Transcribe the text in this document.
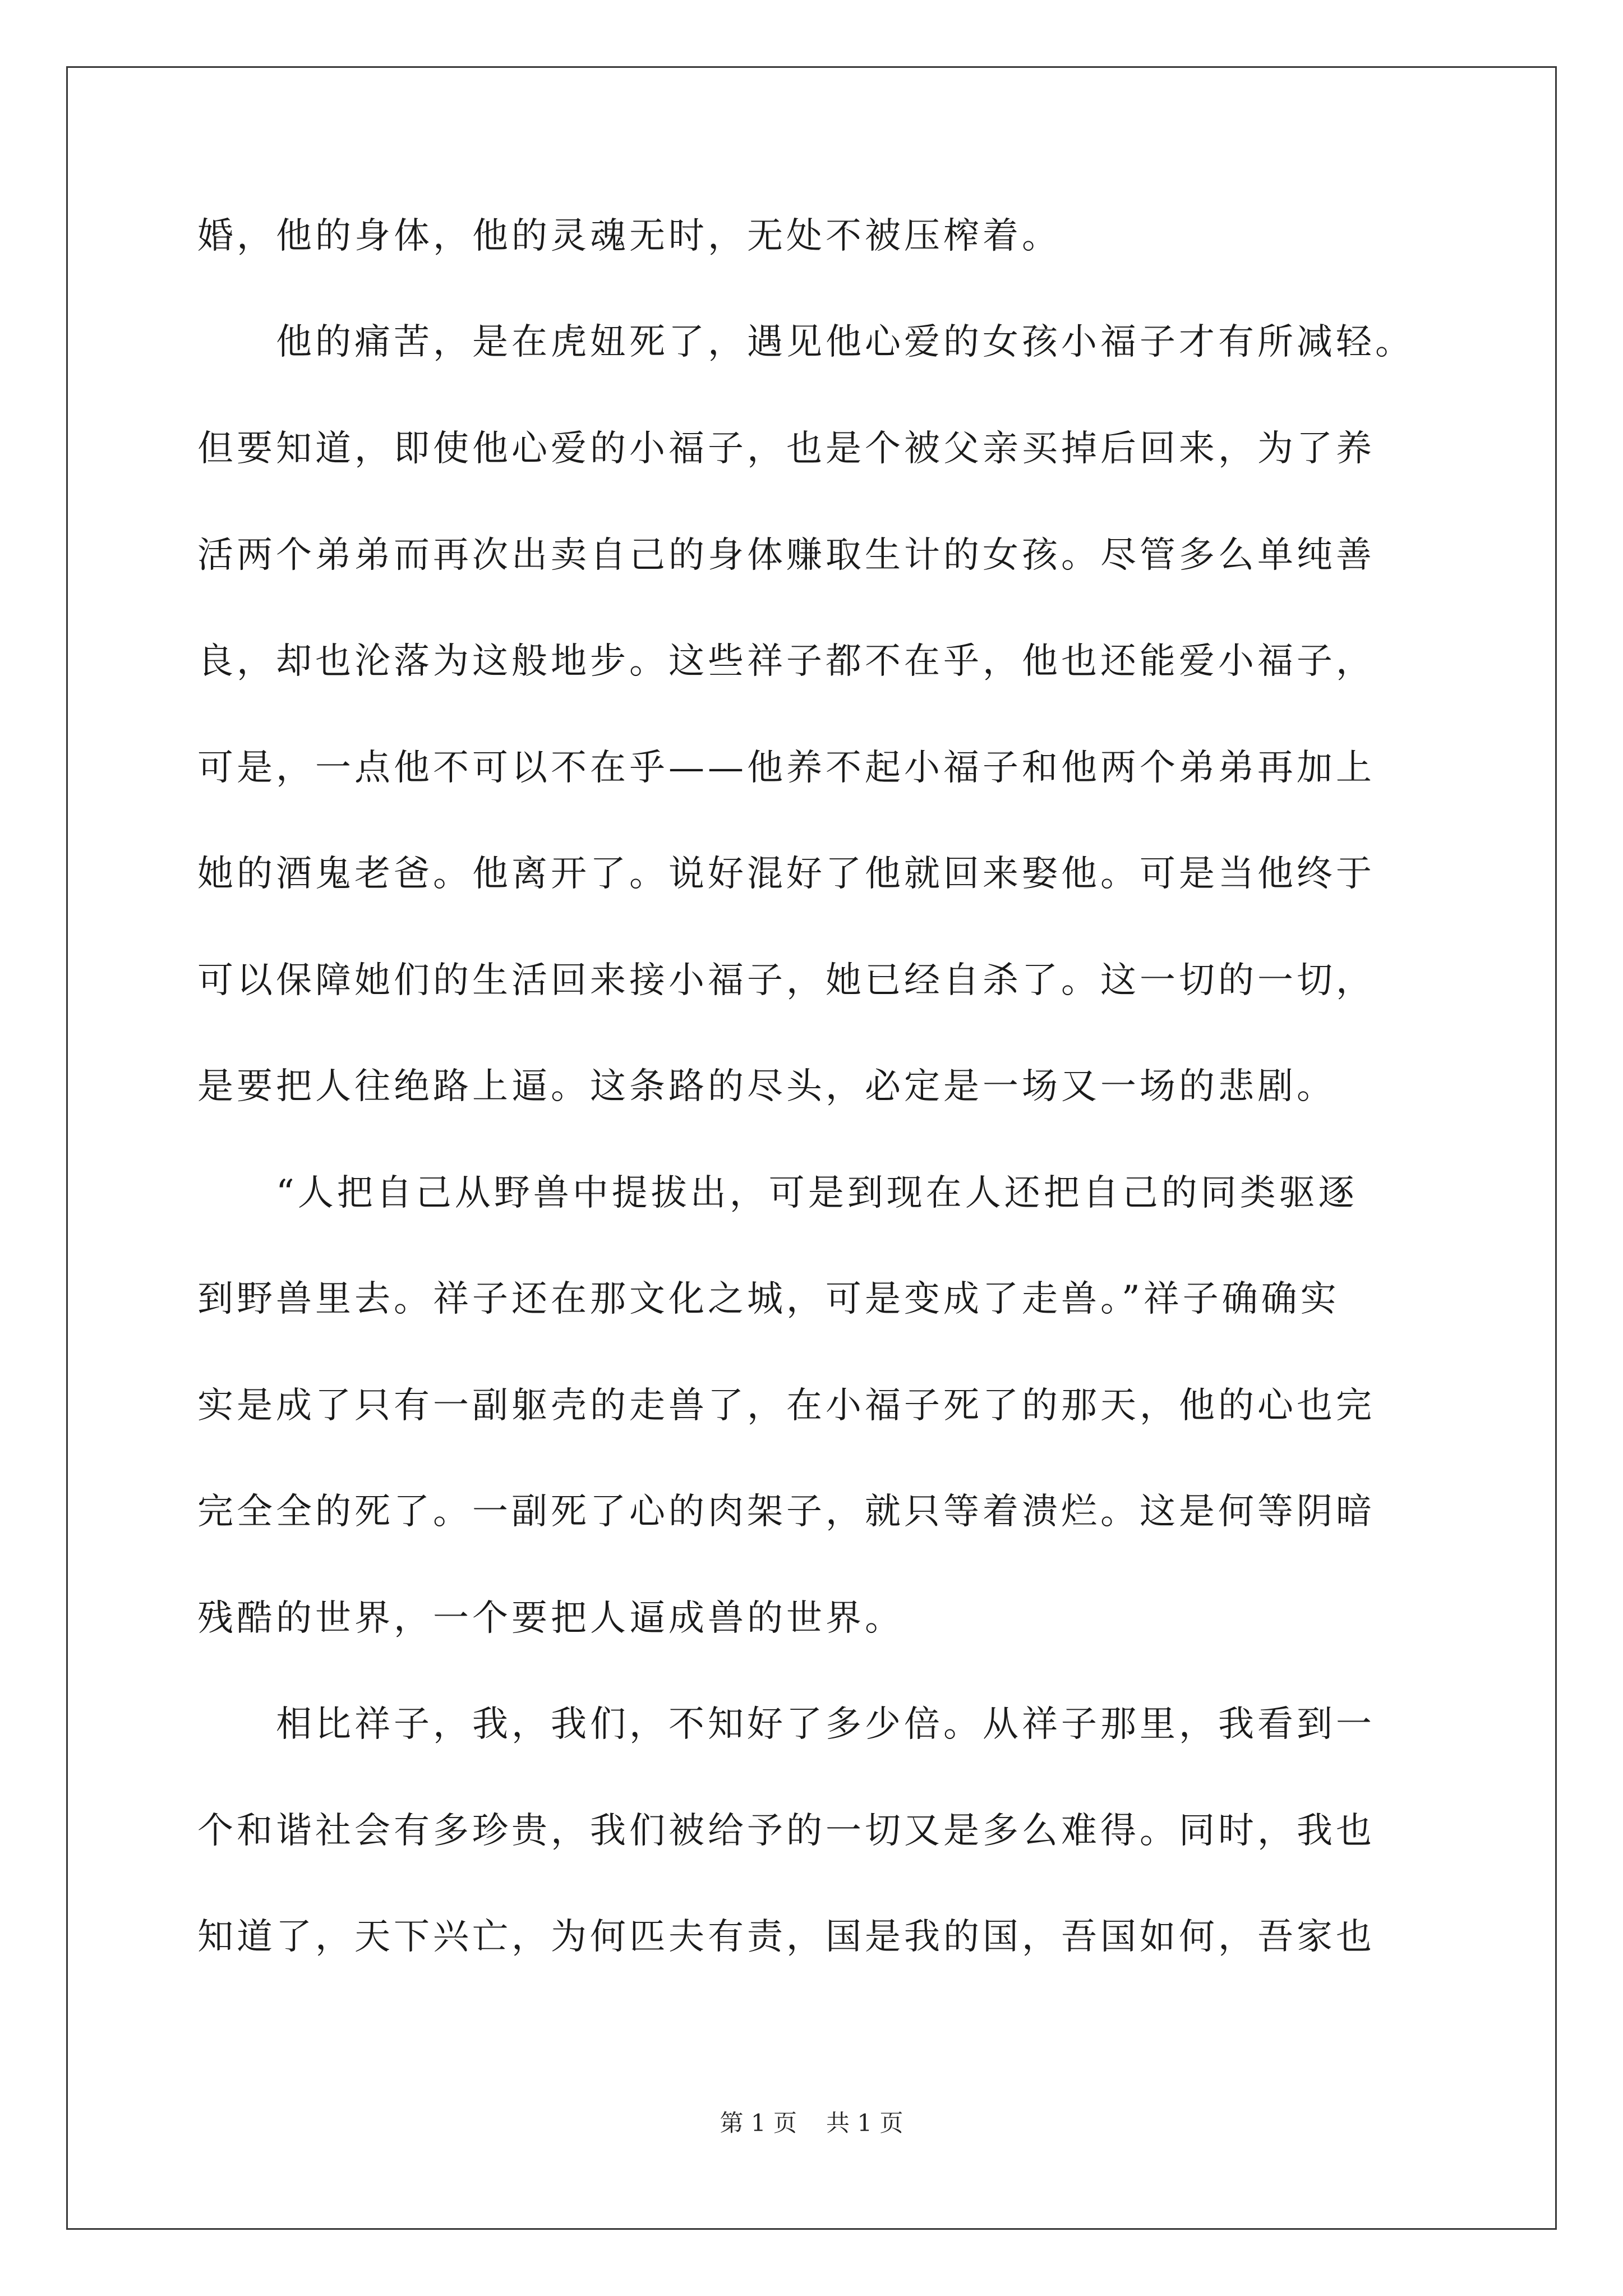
婚，他的身体，他的灵魂无时，无处不被压榨着。
　　他的痛苦，是在虎妞死了，遇见他心爱的女孩小福子才有所减轻。
但要知道，即使他心爱的小福子，也是个被父亲买掉后回来，为了养
活两个弟弟而再次出卖自己的身体赚取生计的女孩。尽管多么单纯善
良，却也沦落为这般地步。这些祥子都不在乎，他也还能爱小福子，
可是，一点他不可以不在乎——他养不起小福子和他两个弟弟再加上
她的酒鬼老爸。他离开了。说好混好了他就回来娶他。可是当他终于
可以保障她们的生活回来接小福子，她已经自杀了。这一切的一切，
是要把人往绝路上逼。这条路的尽头，必定是一场又一场的悲剧。
　　“人把自己从野兽中提拔出，可是到现在人还把自己的同类驱逐
到野兽里去。祥子还在那文化之城，可是变成了走兽。”祥子确确实
实是成了只有一副躯壳的走兽了，在小福子死了的那天，他的心也完
完全全的死了。一副死了心的肉架子，就只等着溃烂。这是何等阴暗
残酷的世界，一个要把人逼成兽的世界。
　　相比祥子，我，我们，不知好了多少倍。从祥子那里，我看到一
个和谐社会有多珍贵，我们被给予的一切又是多么难得。同时，我也
知道了，天下兴亡，为何匹夫有责，国是我的国，吾国如何，吾家也
第 1 页 共 1 页
